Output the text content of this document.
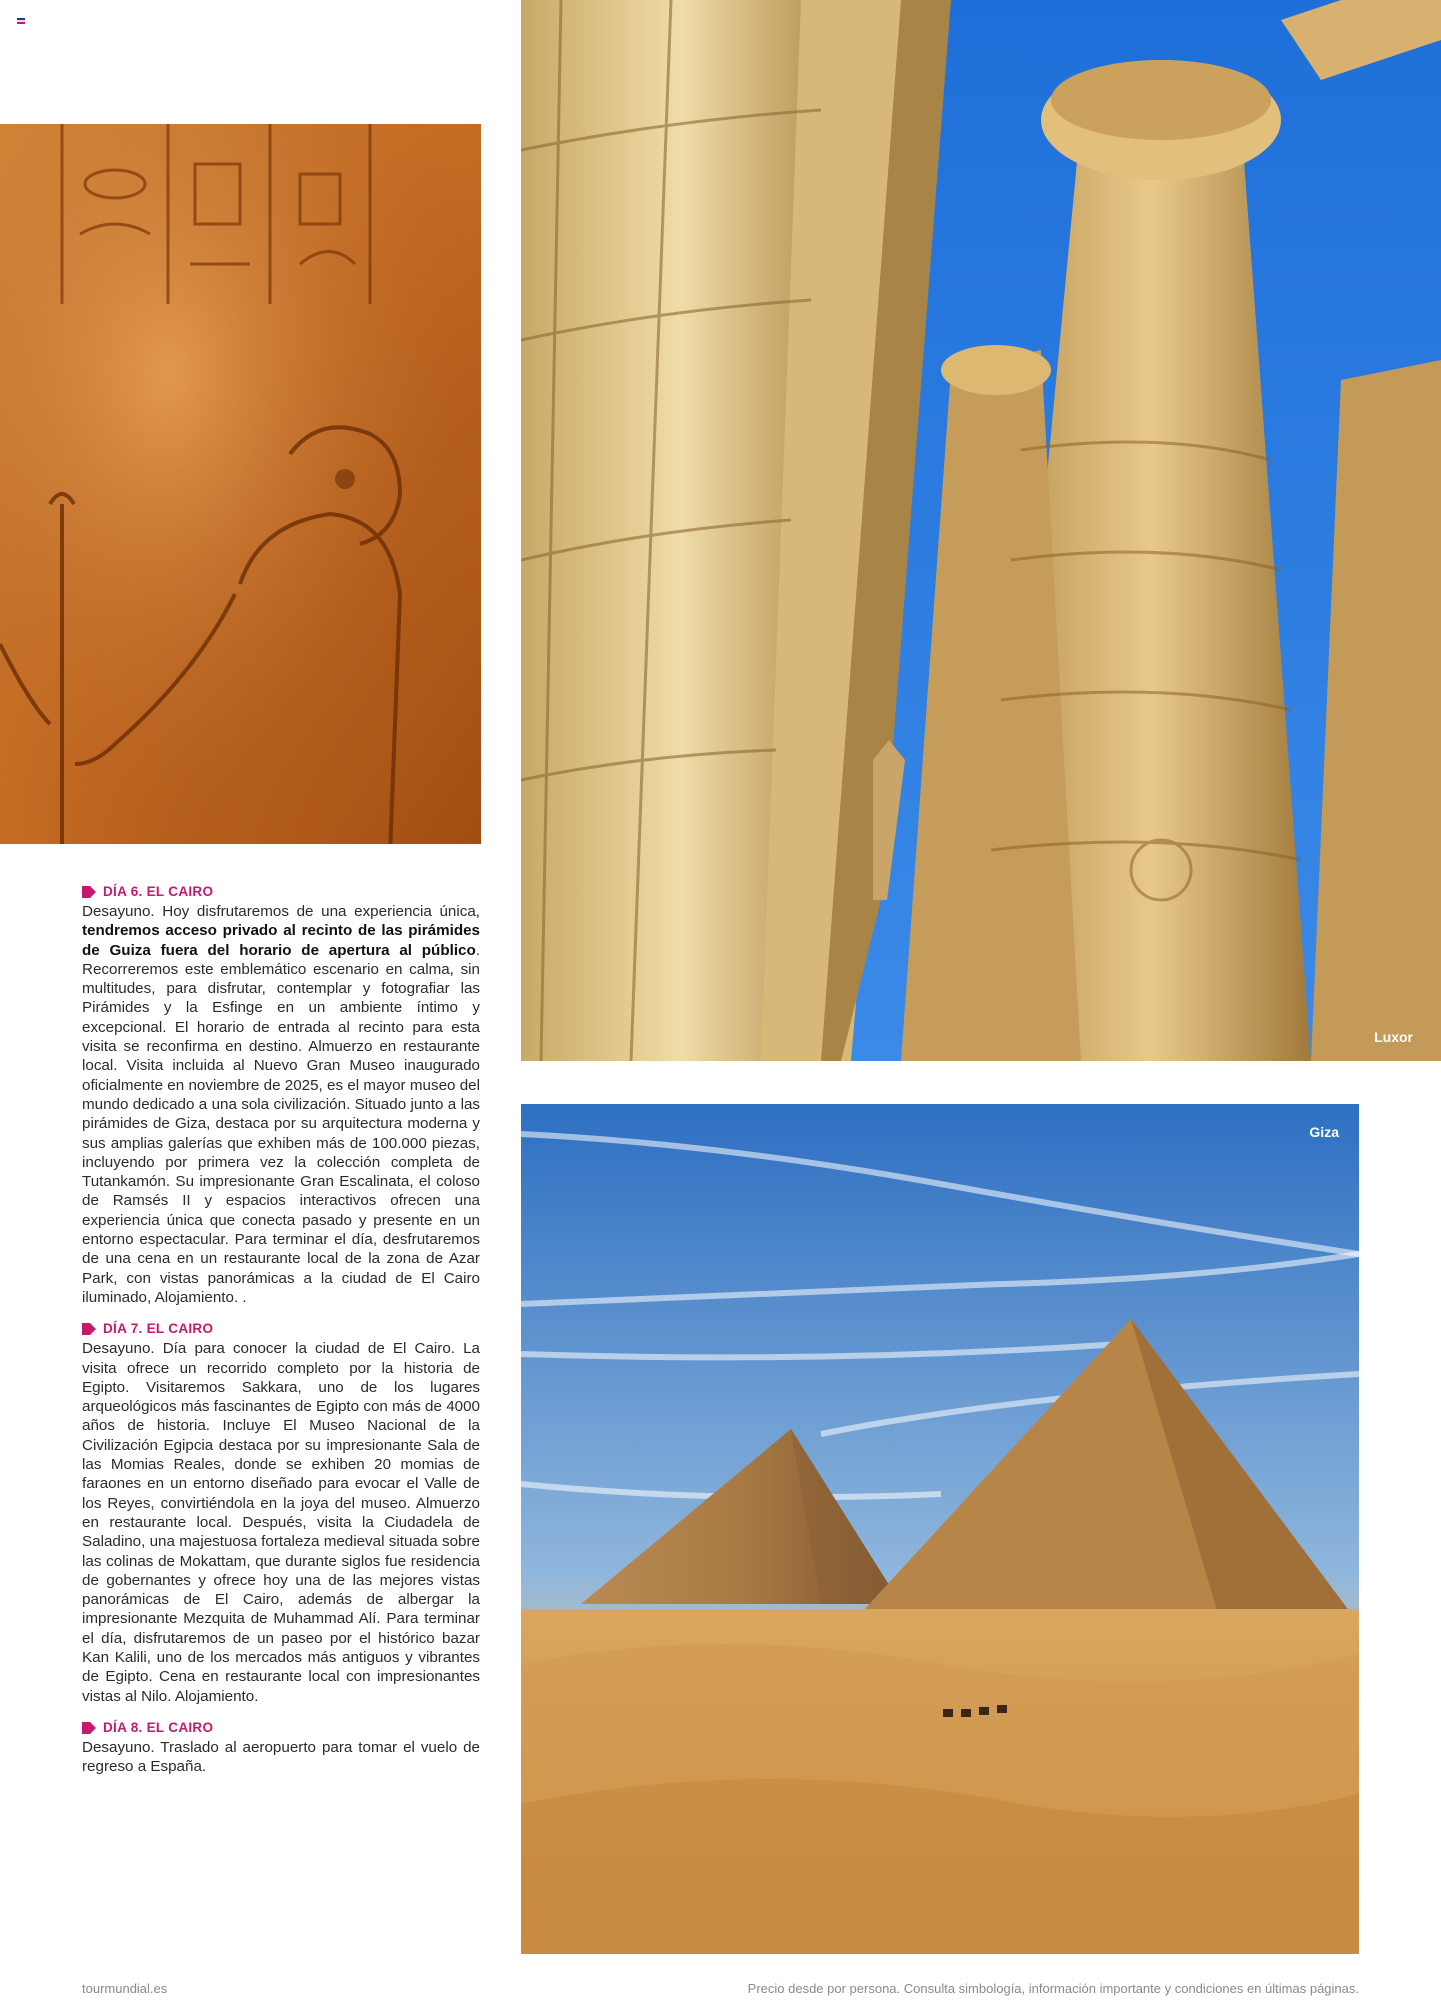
Luxor
Giza
DÍA 6. EL CAIRO
Desayuno. Hoy disfrutaremos de una experiencia única, tendremos acceso privado al recinto de las pirámides de Guiza fuera del horario de apertura al público. Recorreremos este emblemático escenario en calma, sin multitudes, para disfrutar, contemplar y fotografiar las Pirámides y la Esfinge en un ambiente íntimo y excepcional. El horario de entrada al recinto para esta visita se reconfirma en destino. Almuerzo en restaurante local. Visita incluida al Nuevo Gran Museo inaugurado oficialmente en noviembre de 2025, es el mayor museo del mundo dedicado a una sola civilización. Situado junto a las pirámides de Giza, destaca por su arquitectura moderna y sus amplias galerías que exhiben más de 100.000 piezas, incluyendo por primera vez la colección completa de Tutankamón. Su impresionante Gran Escalinata, el coloso de Ramsés II y espacios interactivos ofrecen una experiencia única que conecta pasado y presente en un entorno espectacular. Para terminar el día, desfrutaremos de una cena en un restaurante local de la zona de Azar Park, con vistas panorámicas a la ciudad de El Cairo iluminado, Alojamiento. .
DÍA 7. EL CAIRO
Desayuno. Día para conocer la ciudad de El Cairo. La visita ofrece un recorrido completo por la historia de Egipto. Visitaremos Sakkara, uno de los lugares arqueológicos más fascinantes de Egipto con más de 4000 años de historia. Incluye El Museo Nacional de la Civilización Egipcia destaca por su impresionante Sala de las Momias Reales, donde se exhiben 20 momias de faraones en un entorno diseñado para evocar el Valle de los Reyes, convirtiéndola en la joya del museo. Almuerzo en restaurante local. Después, visita la Ciudadela de Saladino, una majestuosa fortaleza medieval situada sobre las colinas de Mokattam, que durante siglos fue residencia de gobernantes y ofrece hoy una de las mejores vistas panorámicas de El Cairo, además de albergar la impresionante Mezquita de Muhammad Alí. Para terminar el día, disfrutaremos de un paseo por el histórico bazar Kan Kalili, uno de los mercados más antiguos y vibrantes de Egipto. Cena en restaurante local con impresionantes vistas al Nilo. Alojamiento.
DÍA 8. EL CAIRO
Desayuno. Traslado al aeropuerto para tomar el vuelo de regreso a España.
tourmundial.es	Precio desde por persona. Consulta simbología, información importante y condiciones en últimas páginas.
